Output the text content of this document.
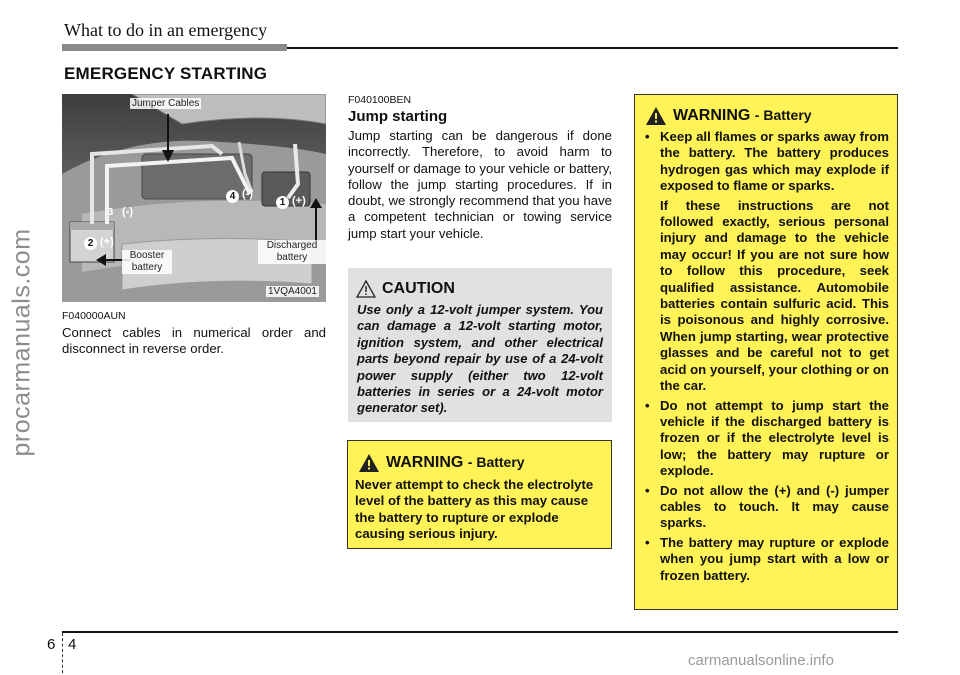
What to do in an emergency
EMERGENCY STARTING
procarmanuals.com
Jumper Cables
Booster
battery
Discharged
battery
1VQA4001
1 (+)
2 (+)
3 (-)
4 (-)
F040000AUN
Connect cables in numerical order and disconnect in reverse order.
F040100BEN
Jump starting
Jump starting can be dangerous if done incorrectly. Therefore, to avoid harm to yourself or damage to your vehicle or battery, follow the jump starting procedures. If in doubt, we strongly recommend that you have a competent technician or towing service jump start your vehicle.
CAUTION
Use only a 12-volt jumper system. You can damage a 12-volt starting motor, ignition system, and other electrical parts beyond repair by use of a 24-volt power supply (either two 12-volt batteries in series or a 24-volt motor generator set).
WARNING - Battery
Never attempt to check the electrolyte level of the battery as this may cause the battery to rupture or explode causing serious injury.
WARNING - Battery
• Keep all flames or sparks away from the battery. The battery produces hydrogen gas which may explode if exposed to flame or sparks.

If these instructions are not followed exactly, serious personal injury and damage to the vehicle may occur! If you are not sure how to follow this procedure, seek qualified assistance. Automobile batteries contain sulfuric acid. This is poisonous and highly corrosive. When jump starting, wear protective glasses and be careful not to get acid on yourself, your clothing or on the car.

• Do not attempt to jump start the vehicle if the discharged battery is frozen or if the electrolyte level is low; the battery may rupture or explode.
• Do not allow the (+) and (-) jumper cables to touch. It may cause sparks.
• The battery may rupture or explode when you jump start with a low or frozen battery.
6 4
carmanualsonline.info
